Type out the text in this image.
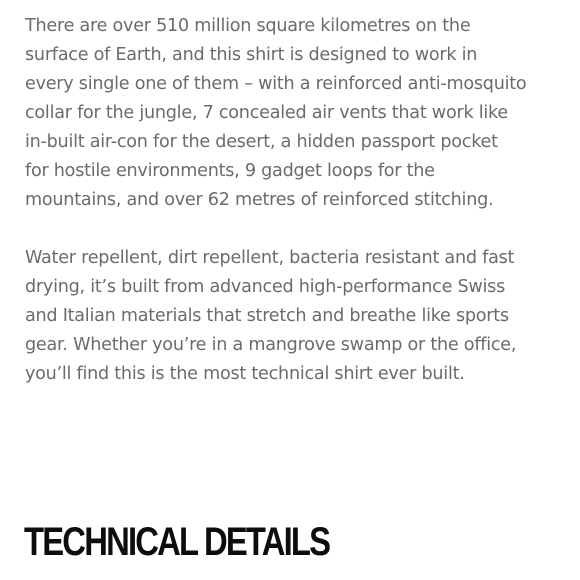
There are over 510 million square kilometres on the

surface of Earth, and this shirt is designed to work in

every single one of them – with a reinforced anti-mosquito

collar for the jungle, 7 concealed air vents that work like

in-built air-con for the desert, a hidden passport pocket

for hostile environments, 9 gadget loops for the

mountains, and over 62 metres of reinforced stitching.

Water repellent, dirt repellent, bacteria resistant and fast

drying, it’s built from advanced high-performance Swiss

and Italian materials that stretch and breathe like sports

gear. Whether you’re in a mangrove swamp or the office,

you’ll find this is the most technical shirt ever built.

TECHNICAL DETAILS
